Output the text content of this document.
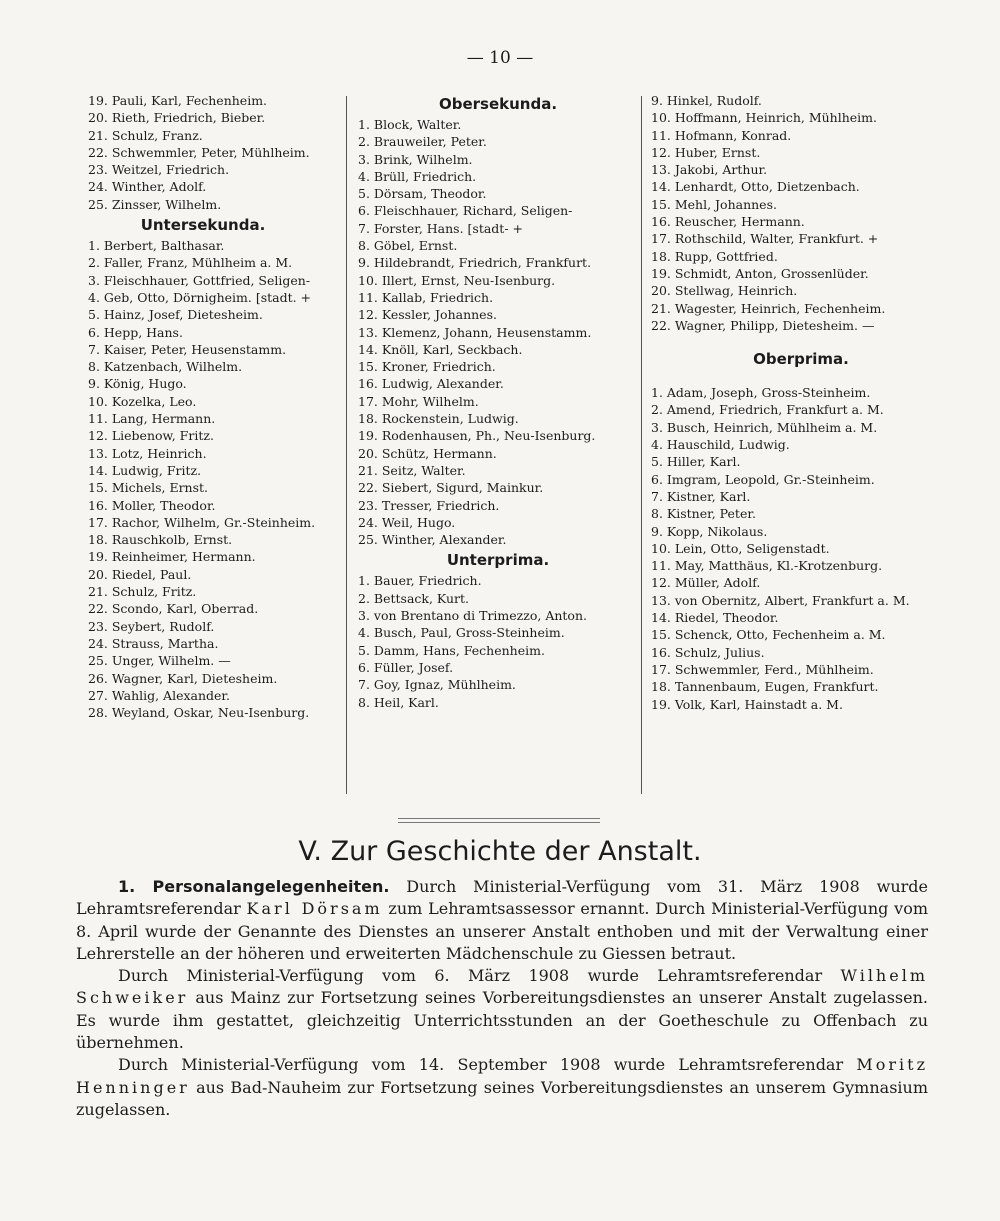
— 10 —
19. Pauli, Karl, Fechenheim.
20. Rieth, Friedrich, Bieber.
21. Schulz, Franz.
22. Schwemmler, Peter, Mühlheim.
23. Weitzel, Friedrich.
24. Winther, Adolf.
25. Zinsser, Wilhelm.
Untersekunda.
1. Berbert, Balthasar.
2. Faller, Franz, Mühlheim a. M.
3. Fleischhauer, Gottfried, Seligen-
4. Geb, Otto, Dörnigheim. [stadt. +
5. Hainz, Josef, Dietesheim.
6. Hepp, Hans.
7. Kaiser, Peter, Heusenstamm.
8. Katzenbach, Wilhelm.
9. König, Hugo.
10. Kozelka, Leo.
11. Lang, Hermann.
12. Liebenow, Fritz.
13. Lotz, Heinrich.
14. Ludwig, Fritz.
15. Michels, Ernst.
16. Moller, Theodor.
17. Rachor, Wilhelm, Gr.-Steinheim.
18. Rauschkolb, Ernst.
19. Reinheimer, Hermann.
20. Riedel, Paul.
21. Schulz, Fritz.
22. Scondo, Karl, Oberrad.
23. Seybert, Rudolf.
24. Strauss, Martha.
25. Unger, Wilhelm. —
26. Wagner, Karl, Dietesheim.
27. Wahlig, Alexander.
28. Weyland, Oskar, Neu-Isenburg.
Obersekunda.
1. Block, Walter.
2. Brauweiler, Peter.
3. Brink, Wilhelm.
4. Brüll, Friedrich.
5. Dörsam, Theodor.
6. Fleischhauer, Richard, Seligen-
7. Forster, Hans. [stadt- +
8. Göbel, Ernst.
9. Hildebrandt, Friedrich, Frankfurt.
10. Illert, Ernst, Neu-Isenburg.
11. Kallab, Friedrich.
12. Kessler, Johannes.
13. Klemenz, Johann, Heusenstamm.
14. Knöll, Karl, Seckbach.
15. Kroner, Friedrich.
16. Ludwig, Alexander.
17. Mohr, Wilhelm.
18. Rockenstein, Ludwig.
19. Rodenhausen, Ph., Neu-Isenburg.
20. Schütz, Hermann.
21. Seitz, Walter.
22. Siebert, Sigurd, Mainkur.
23. Tresser, Friedrich.
24. Weil, Hugo.
25. Winther, Alexander.
Unterprima.
1. Bauer, Friedrich.
2. Bettsack, Kurt.
3. von Brentano di Trimezzo, Anton.
4. Busch, Paul, Gross-Steinheim.
5. Damm, Hans, Fechenheim.
6. Füller, Josef.
7. Goy, Ignaz, Mühlheim.
8. Heil, Karl.
9. Hinkel, Rudolf.
10. Hoffmann, Heinrich, Mühlheim.
11. Hofmann, Konrad.
12. Huber, Ernst.
13. Jakobi, Arthur.
14. Lenhardt, Otto, Dietzenbach.
15. Mehl, Johannes.
16. Reuscher, Hermann.
17. Rothschild, Walter, Frankfurt. +
18. Rupp, Gottfried.
19. Schmidt, Anton, Grossenlüder.
20. Stellwag, Heinrich.
21. Wagester, Heinrich, Fechenheim.
22. Wagner, Philipp, Dietesheim. —
Oberprima.
1. Adam, Joseph, Gross-Steinheim.
2. Amend, Friedrich, Frankfurt a. M.
3. Busch, Heinrich, Mühlheim a. M.
4. Hauschild, Ludwig.
5. Hiller, Karl.
6. Imgram, Leopold, Gr.-Steinheim.
7. Kistner, Karl.
8. Kistner, Peter.
9. Kopp, Nikolaus.
10. Lein, Otto, Seligenstadt.
11. May, Matthäus, Kl.-Krotzenburg.
12. Müller, Adolf.
13. von Obernitz, Albert, Frankfurt a. M.
14. Riedel, Theodor.
15. Schenck, Otto, Fechenheim a. M.
16. Schulz, Julius.
17. Schwemmler, Ferd., Mühlheim.
18. Tannenbaum, Eugen, Frankfurt.
19. Volk, Karl, Hainstadt a. M.
V. Zur Geschichte der Anstalt.

1. Personalangelegenheiten. Durch Ministerial-Verfügung vom 31. März 1908 wurde Lehramtsreferendar Karl Dörsam zum Lehramtsassessor ernannt. Durch Ministerial-Verfügung vom 8. April wurde der Genannte des Dienstes an unserer Anstalt enthoben und mit der Verwaltung einer Lehrerstelle an der höheren und erweiterten Mädchenschule zu Giessen betraut.

Durch Ministerial-Verfügung vom 6. März 1908 wurde Lehramtsreferendar Wilhelm Schweiker aus Mainz zur Fortsetzung seines Vorbereitungsdienstes an unserer Anstalt zugelassen. Es wurde ihm gestattet, gleichzeitig Unterrichtsstunden an der Goetheschule zu Offenbach zu übernehmen.

Durch Ministerial-Verfügung vom 14. September 1908 wurde Lehramtsreferendar Moritz Henninger aus Bad-Nauheim zur Fortsetzung seines Vorbereitungsdienstes an unserem Gymnasium zugelassen.
